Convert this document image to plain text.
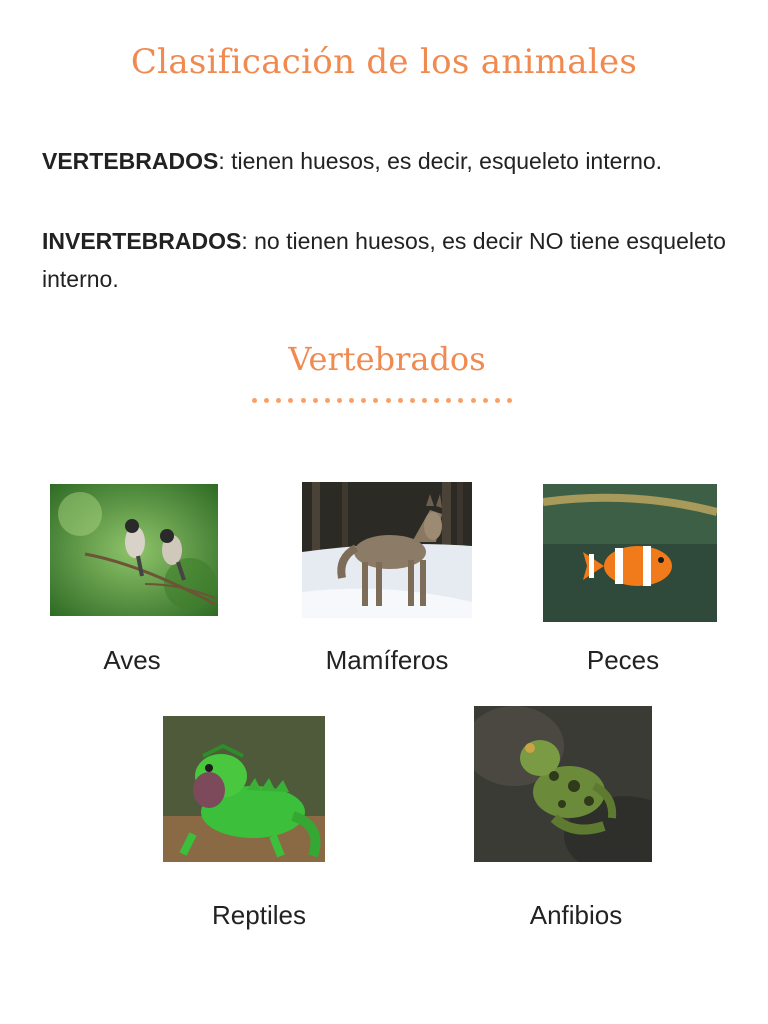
Clasificación de los animales
VERTEBRADOS: tienen huesos, es decir, esqueleto interno.
INVERTEBRADOS: no tienen huesos, es decir NO tiene esqueleto interno.
Vertebrados
Aves	Mamíferos	Peces
Reptiles	Anfibios
